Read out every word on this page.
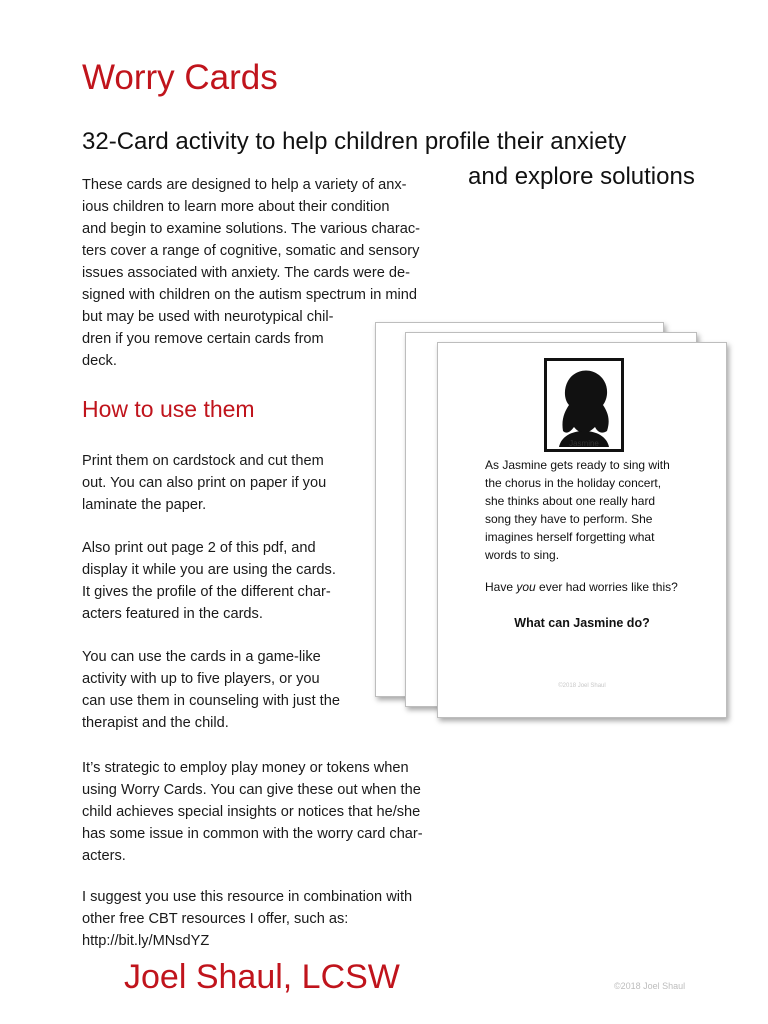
Worry Cards
32-Card activity to help children profile their anxiety
and explore solutions
These cards are designed to help a variety of anx-
ious children to learn more about their condition
and begin to examine solutions. The various charac-
ters cover a range of cognitive, somatic and sensory
issues associated with anxiety. The cards were de-
signed with children on the autism spectrum in mind
but may be used with neurotypical chil-
dren if you remove certain cards from
deck.
How to use them
Print them on cardstock and cut them
out. You can also print on paper if you
laminate the paper.
Also print out page 2 of this pdf, and
display it while you are using the cards.
It gives the profile of the different char-
acters featured in the cards.
You can use the cards in a game-like
activity with up to five players, or you
can use them in counseling with just the
therapist and the child.
It’s strategic to employ play money or tokens when
using Worry Cards. You can give these out when the
child achieves special insights or notices that he/she
has some issue in common with the worry card char-
acters.
I suggest you use this resource in combination with
other free CBT resources I offer, such as:
http://bit.ly/MNsdYZ
Jasmine
As Jasmine gets ready to sing with
the chorus in the holiday concert,
she thinks about one really hard
song they have to perform. She
imagines herself forgetting what
words to sing.
Have you ever had worries like this?
What can Jasmine do?
©2018 Joel Shaul
Joel Shaul, LCSW	©2018 Joel Shaul
